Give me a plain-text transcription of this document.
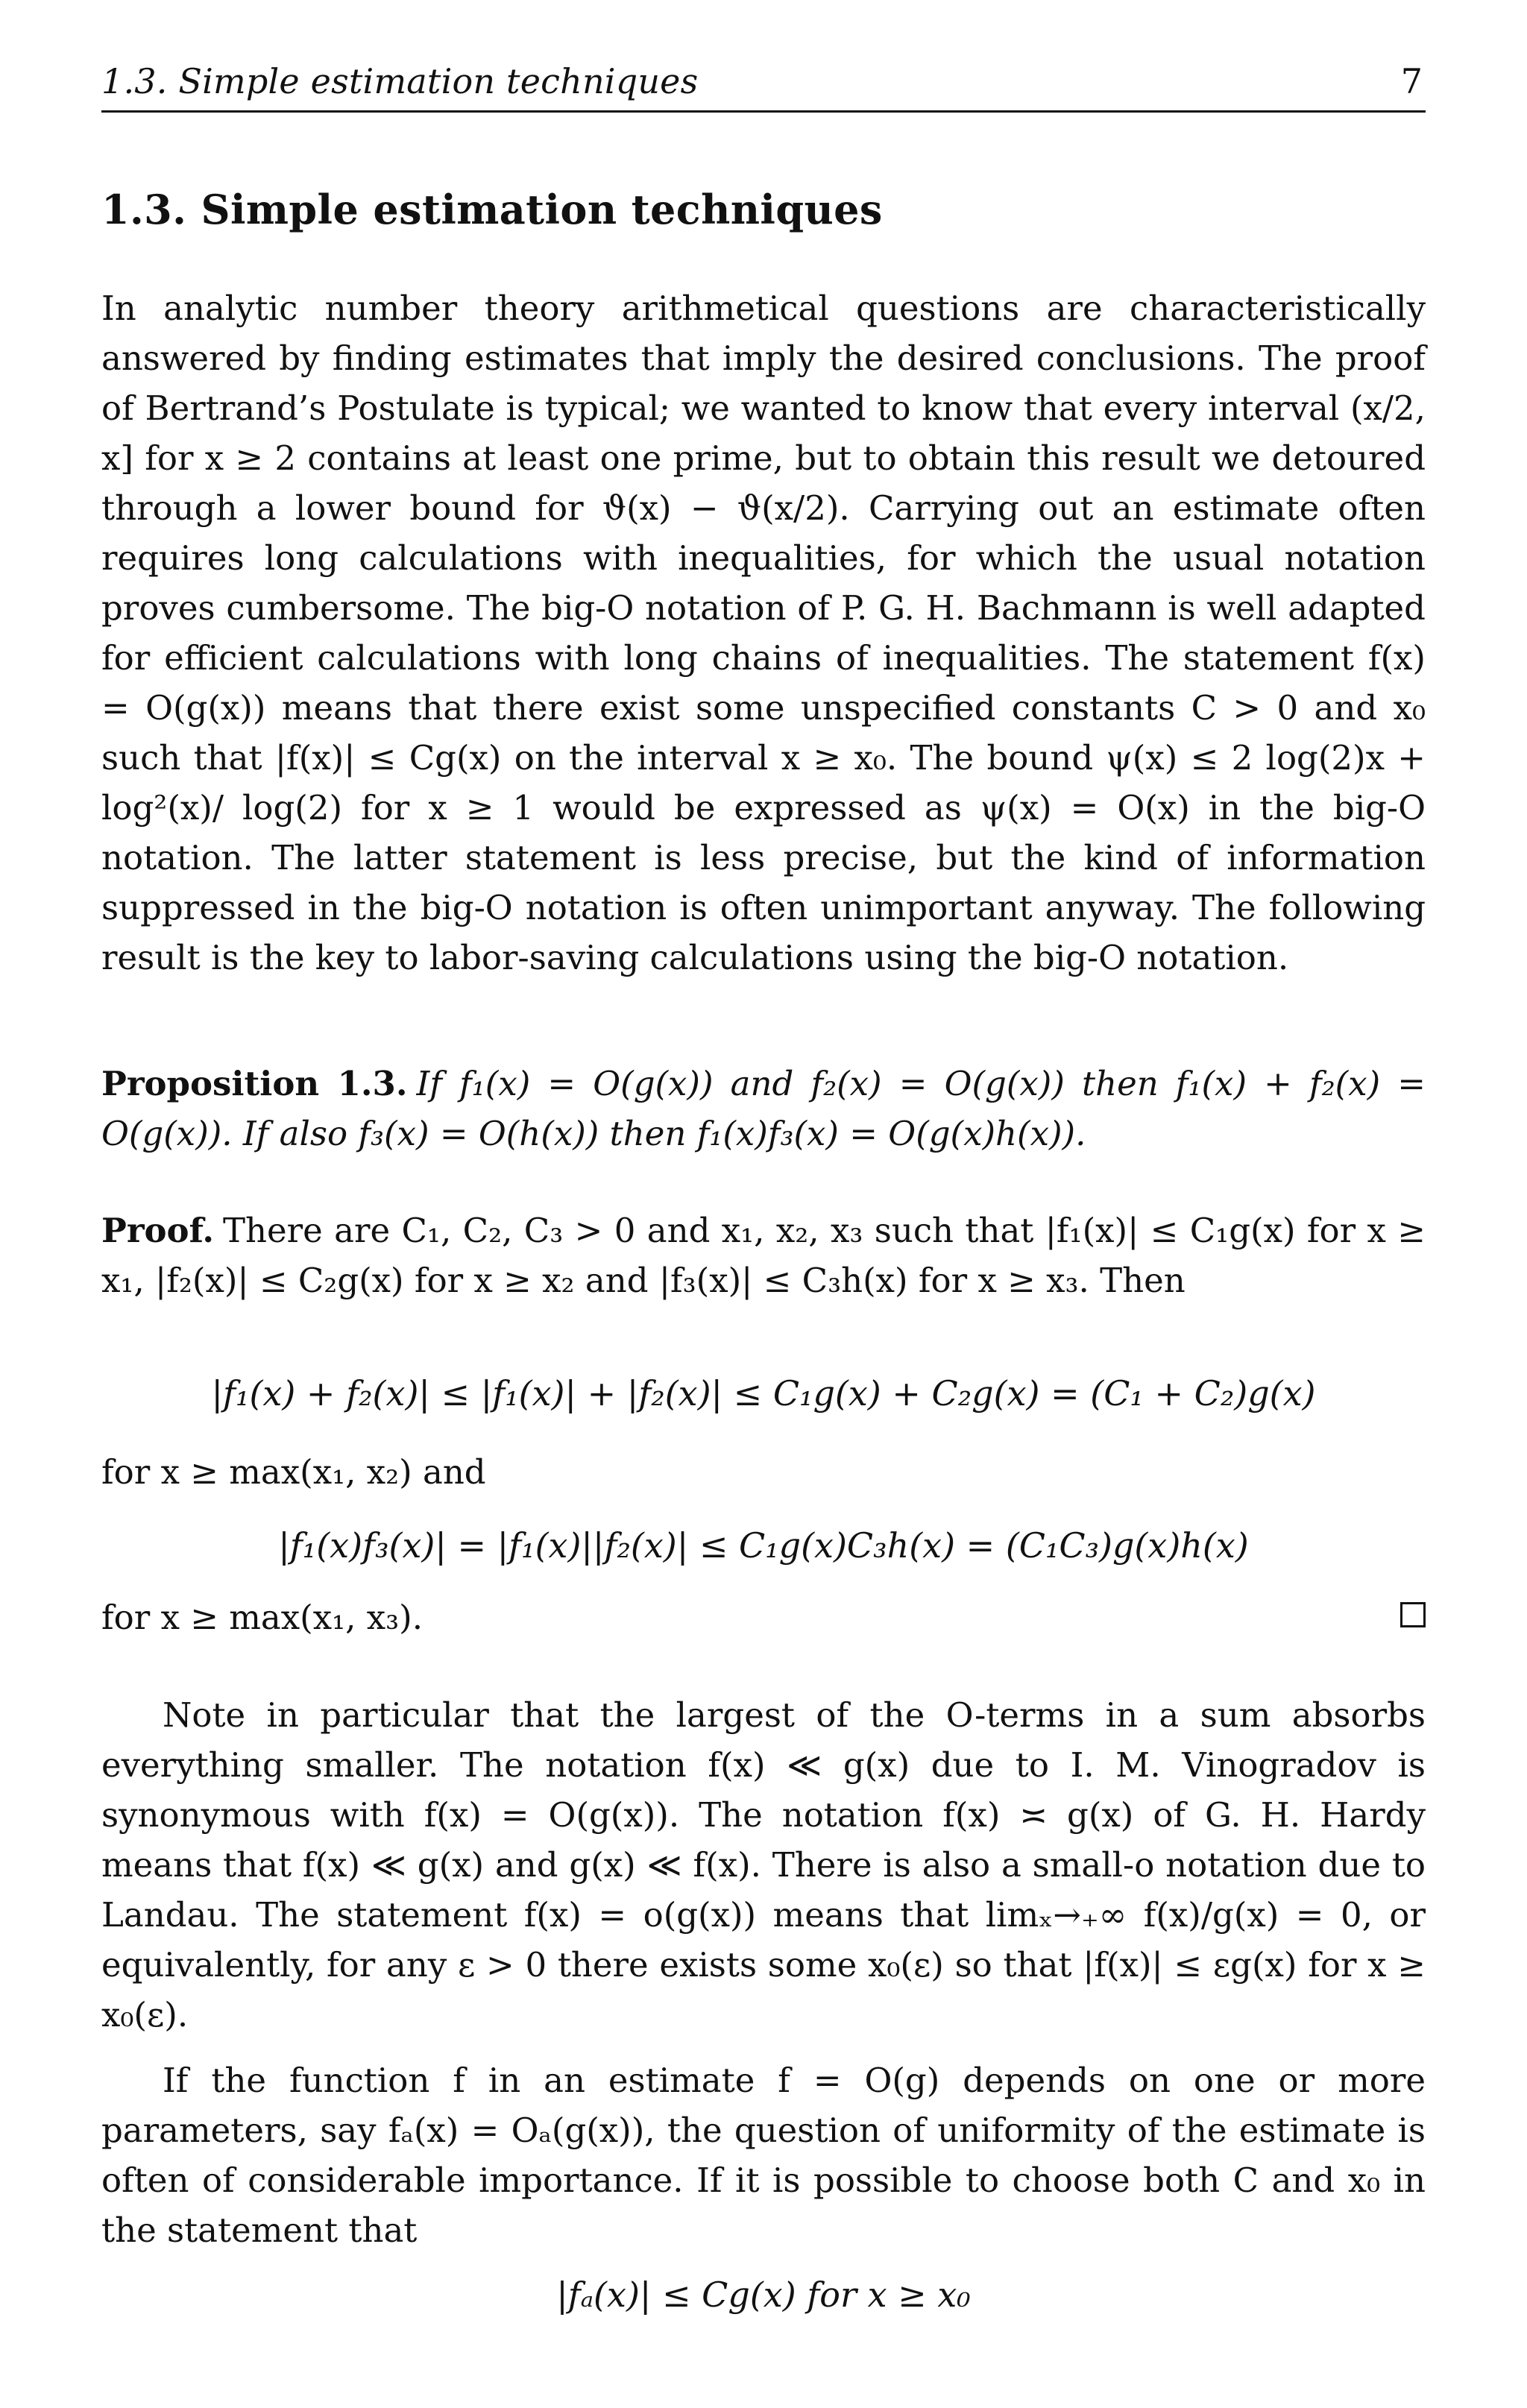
1.3. Simple estimation techniques	7
1.3. Simple estimation techniques
In analytic number theory arithmetical questions are characteristically answered by finding estimates that imply the desired conclusions. The proof of Bertrand’s Postulate is typical; we wanted to know that every interval (x/2, x] for x ≥ 2 contains at least one prime, but to obtain this result we detoured through a lower bound for ϑ(x) − ϑ(x/2). Carrying out an estimate often requires long calculations with inequalities, for which the usual notation proves cumbersome. The big-O notation of P. G. H. Bachmann is well adapted for efficient calculations with long chains of inequalities. The statement f(x) = O(g(x)) means that there exist some unspecified constants C > 0 and x₀ such that |f(x)| ≤ Cg(x) on the interval x ≥ x₀. The bound ψ(x) ≤ 2 log(2)x + log²(x)/ log(2) for x ≥ 1 would be expressed as ψ(x) = O(x) in the big-O notation. The latter statement is less precise, but the kind of information suppressed in the big-O notation is often unimportant anyway. The following result is the key to labor-saving calculations using the big-O notation.
Proposition 1.3. If f₁(x) = O(g(x)) and f₂(x) = O(g(x)) then f₁(x) + f₂(x) = O(g(x)). If also f₃(x) = O(h(x)) then f₁(x)f₃(x) = O(g(x)h(x)).
Proof. There are C₁, C₂, C₃ > 0 and x₁, x₂, x₃ such that |f₁(x)| ≤ C₁g(x) for x ≥ x₁, |f₂(x)| ≤ C₂g(x) for x ≥ x₂ and |f₃(x)| ≤ C₃h(x) for x ≥ x₃. Then
|f₁(x) + f₂(x)| ≤ |f₁(x)| + |f₂(x)| ≤ C₁g(x) + C₂g(x) = (C₁ + C₂)g(x)
for x ≥ max(x₁, x₂) and
|f₁(x)f₃(x)| = |f₁(x)||f₂(x)| ≤ C₁g(x)C₃h(x) = (C₁C₃)g(x)h(x)
for x ≥ max(x₁, x₃).
Note in particular that the largest of the O-terms in a sum absorbs everything smaller. The notation f(x) ≪ g(x) due to I. M. Vinogradov is synonymous with f(x) = O(g(x)). The notation f(x) ≍ g(x) of G. H. Hardy means that f(x) ≪ g(x) and g(x) ≪ f(x). There is also a small-o notation due to Landau. The statement f(x) = o(g(x)) means that limₓ→₊∞ f(x)/g(x) = 0, or equivalently, for any ε > 0 there exists some x₀(ε) so that |f(x)| ≤ εg(x) for x ≥ x₀(ε).
If the function f in an estimate f = O(g) depends on one or more parameters, say fₐ(x) = Oₐ(g(x)), the question of uniformity of the estimate is often of considerable importance. If it is possible to choose both C and x₀ in the statement that
|fₐ(x)| ≤ Cg(x) for x ≥ x₀
